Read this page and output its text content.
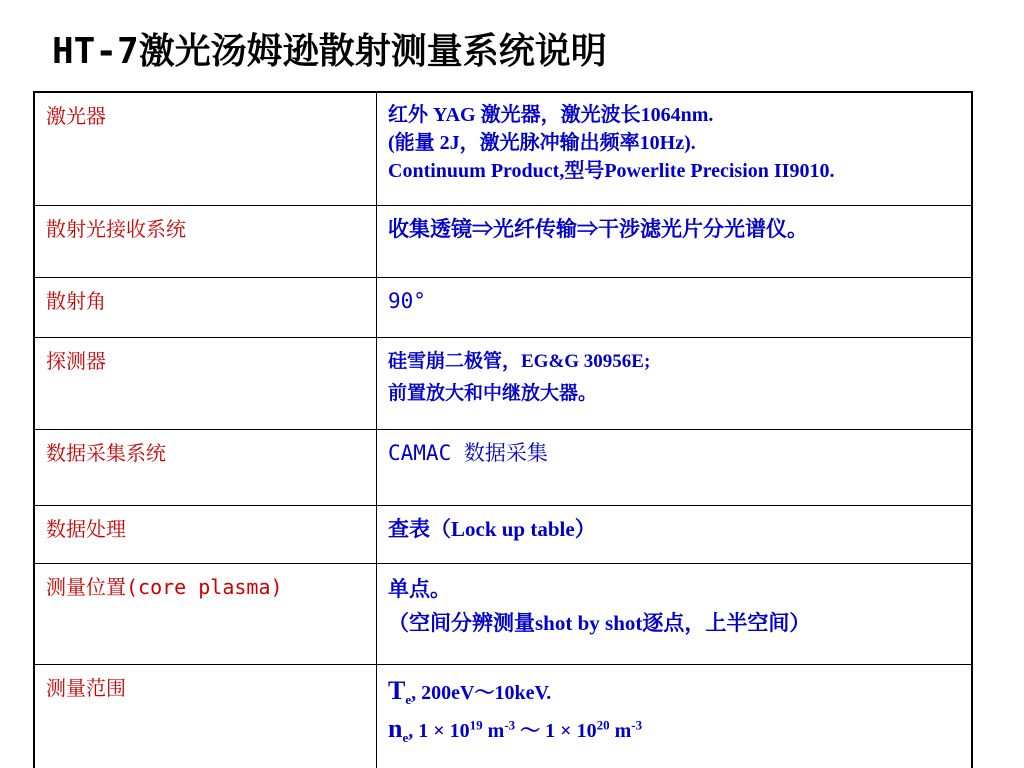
HT-7激光汤姆逊散射测量系统说明
激光器	红外 YAG 激光器，激光波长1064nm.
(能量 2J，激光脉冲输出频率10Hz).
Continuum Product,型号Powerlite Precision II9010.

散射光接收系统	收集透镜⇒光纤传输⇒干涉滤光片分光谱仪。

散射角	90°

探测器	硅雪崩二极管，EG&G 30956E;
前置放大和中继放大器。

数据采集系统	CAMAC 数据采集

数据处理	查表（Lock up table）

测量位置(core plasma)	单点。
（空间分辨测量shot by shot逐点，上半空间）

测量范围	$T_e$, 200eV～10keV.
$n_e$, $1 \times 10^{19}$ $m^{-3}$ ～ $1 \times 10^{20}$ $m^{-3}$
